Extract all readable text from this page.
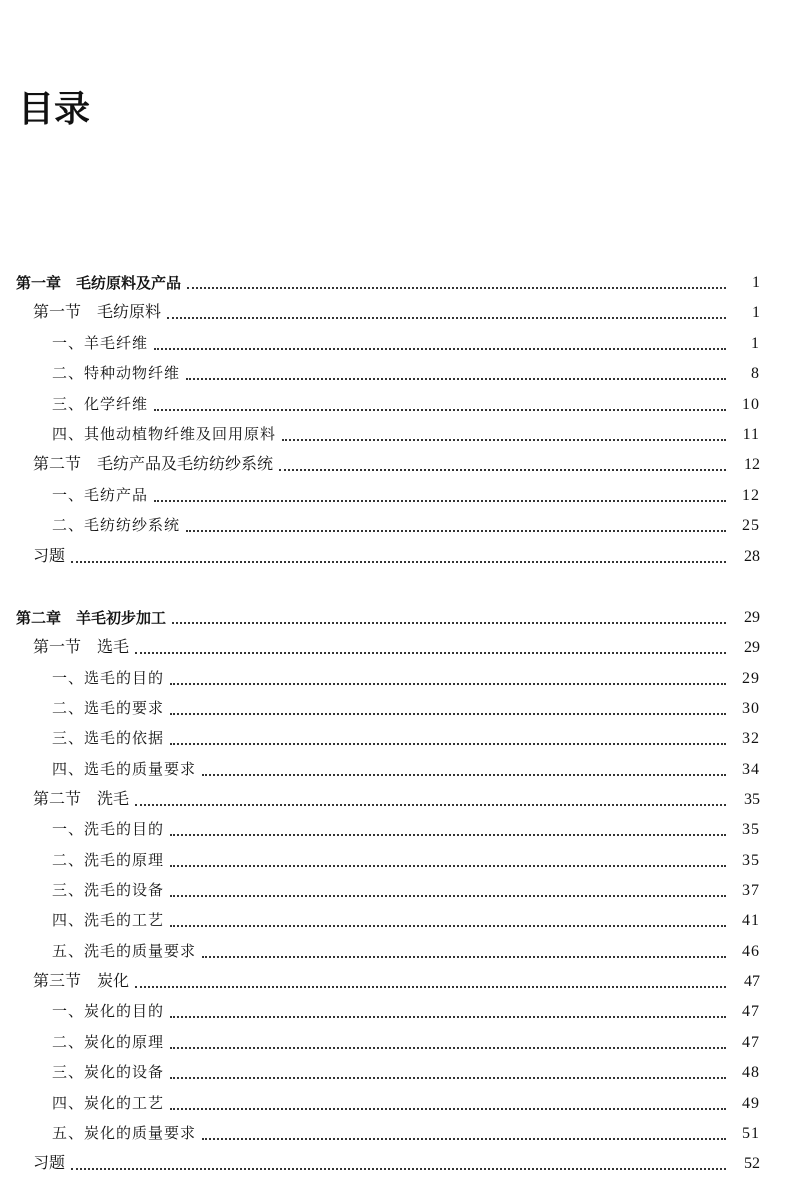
目录
第一章　毛纺原料及产品	1
第一节　毛纺原料	1
一、羊毛纤维	1
二、特种动物纤维	8
三、化学纤维	10
四、其他动植物纤维及回用原料	11
第二节　毛纺产品及毛纺纺纱系统	12
一、毛纺产品	12
二、毛纺纺纱系统	25
习题	28
第二章　羊毛初步加工	29
第一节　选毛	29
一、选毛的目的	29
二、选毛的要求	30
三、选毛的依据	32
四、选毛的质量要求	34
第二节　洗毛	35
一、洗毛的目的	35
二、洗毛的原理	35
三、洗毛的设备	37
四、洗毛的工艺	41
五、洗毛的质量要求	46
第三节　炭化	47
一、炭化的目的	47
二、炭化的原理	47
三、炭化的设备	48
四、炭化的工艺	49
五、炭化的质量要求	51
习题	52
